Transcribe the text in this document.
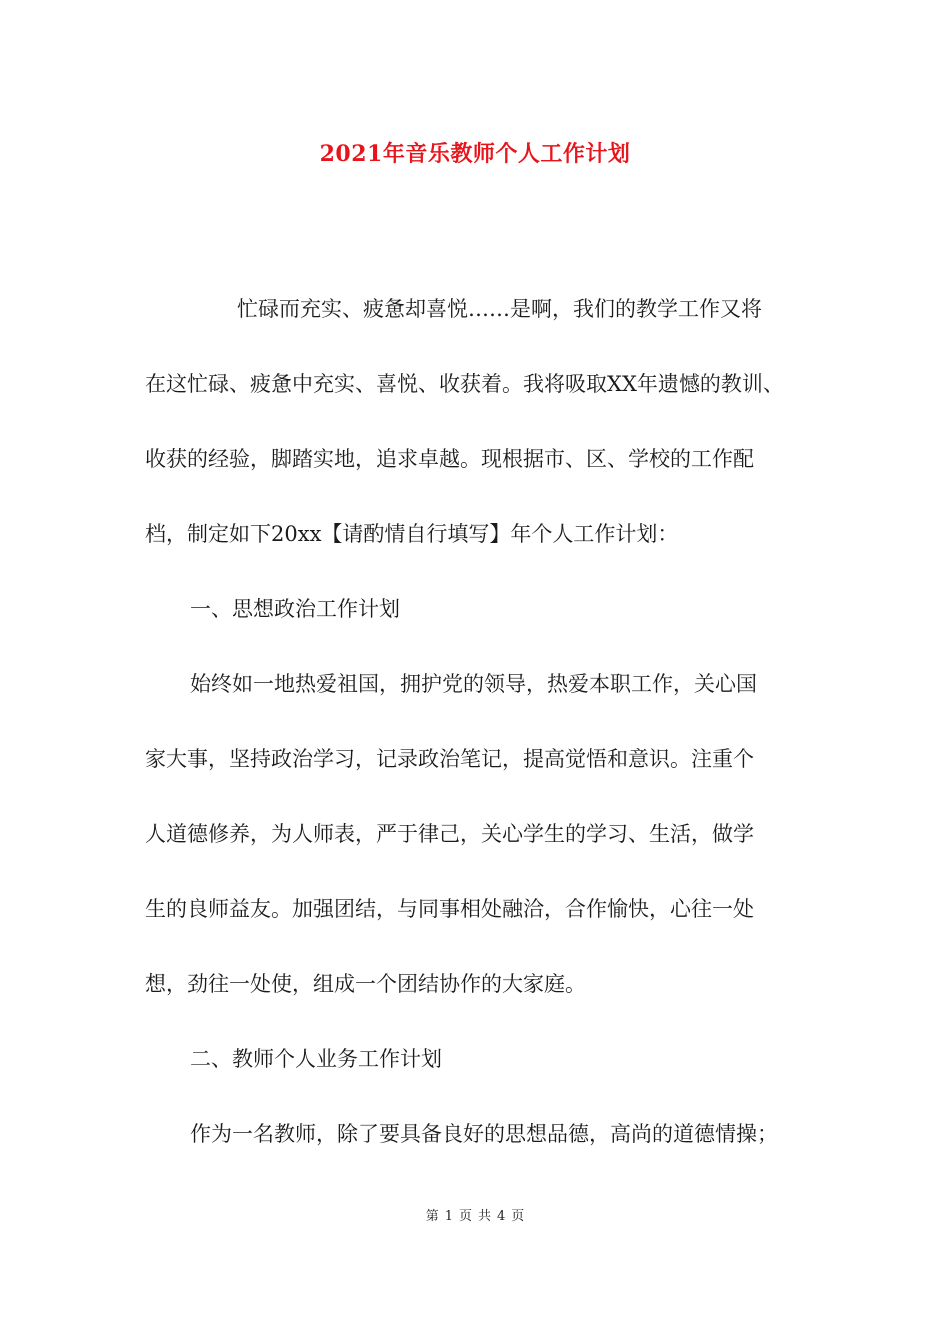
2021年音乐教师个人工作计划
忙碌而充实、疲惫却喜悦……是啊，我们的教学工作又将
在这忙碌、疲惫中充实、喜悦、收获着。我将吸取XX年遗憾的教训、
收获的经验，脚踏实地，追求卓越。现根据市、区、学校的工作配
档，制定如下20xx【请酌情自行填写】年个人工作计划：
一、思想政治工作计划
始终如一地热爱祖国，拥护党的领导，热爱本职工作，关心国
家大事，坚持政治学习，记录政治笔记，提高觉悟和意识。注重个
人道德修养，为人师表，严于律己，关心学生的学习、生活，做学
生的良师益友。加强团结，与同事相处融洽，合作愉快，心往一处
想，劲往一处使，组成一个团结协作的大家庭。
二、教师个人业务工作计划
作为一名教师，除了要具备良好的思想品德，高尚的道德情操；
第 1 页 共 4 页
